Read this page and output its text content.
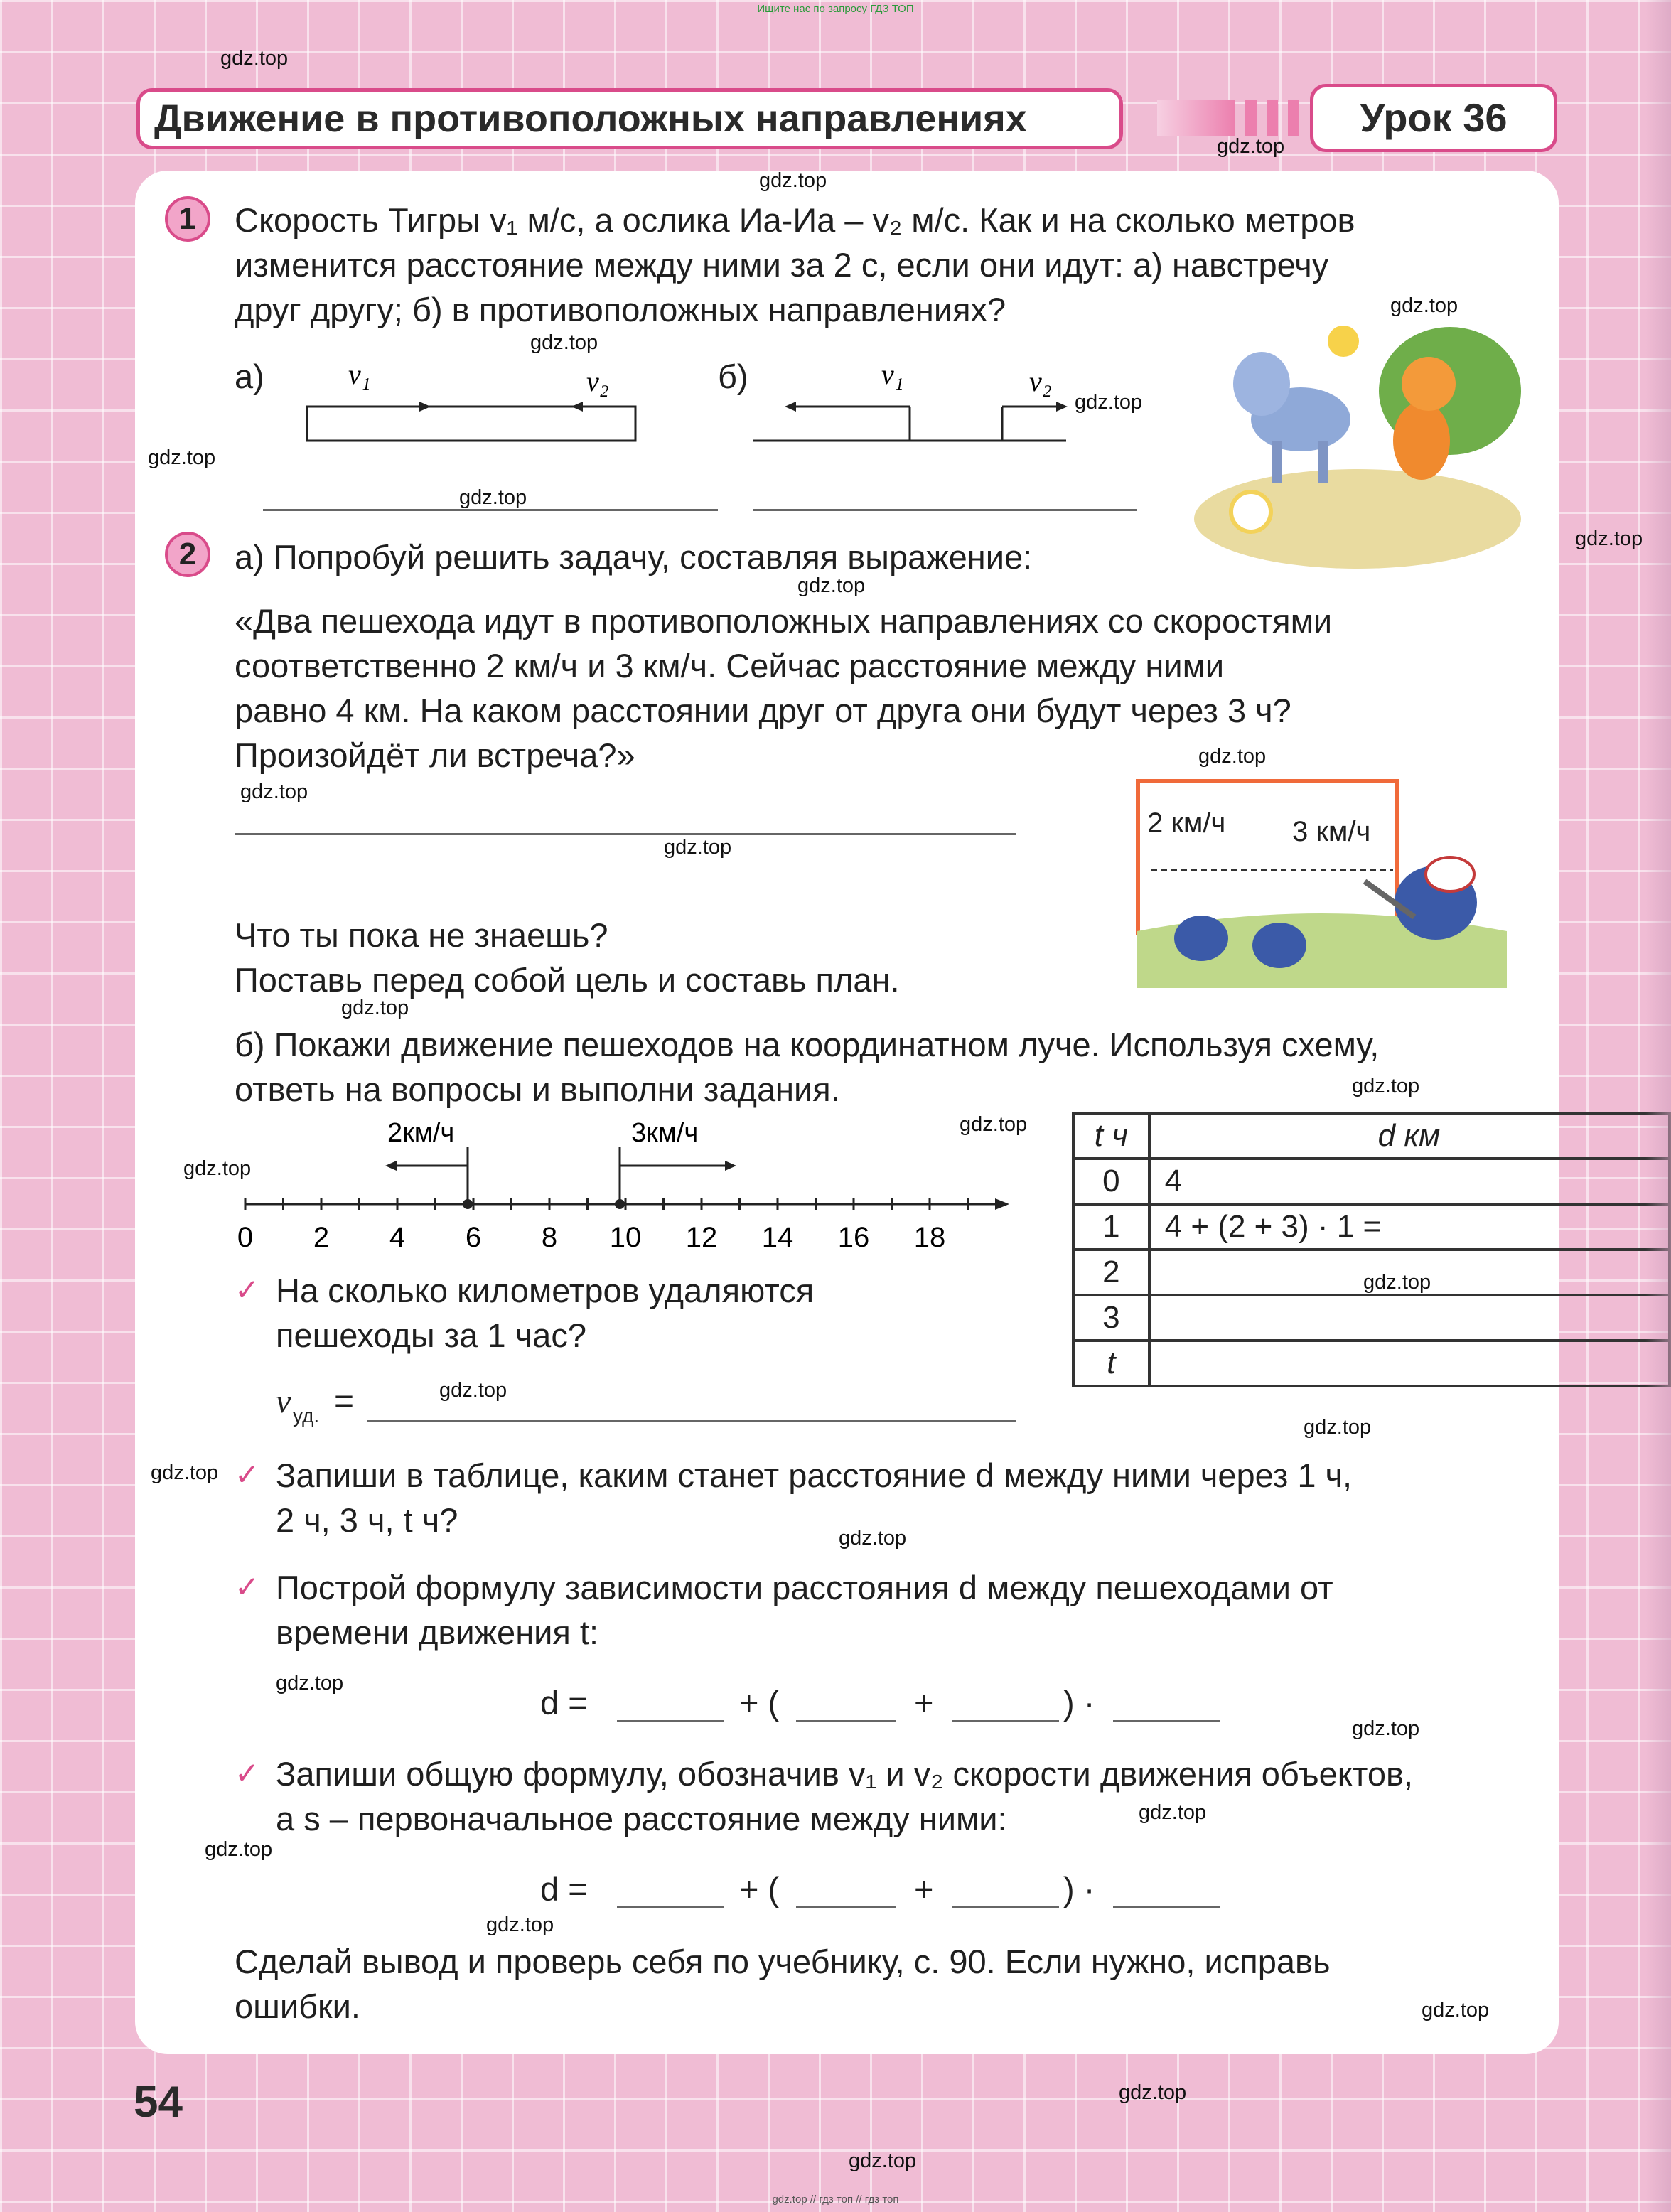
Ищите нас по запросу ГДЗ ТОП
Движение в противоположных направлениях	Урок 36
1	Скорость Тигры v₁ м/с, а ослика Иа-Иа – v₂ м/с. Как и на сколько метров
изменится расстояние между ними за 2 с, если они идут: а) навстречу
друг другу; б) в противоположных направлениях?
а)	б)
v₁	v₂	v₁	v₂
2	а) Попробуй решить задачу, составляя выражение:
«Два пешехода идут в противоположных направлениях со скоростями
соответственно 2 км/ч и 3 км/ч. Сейчас расстояние между ними
равно 4 км. На каком расстоянии друг от друга они будут через 3 ч?
Произойдёт ли встреча?»
2 км/ч 3 км/ч
Что ты пока не знаешь?
Поставь перед собой цель и составь план.
б) Покажи движение пешеходов на координатном луче. Используя схему,
ответь на вопросы и выполни задания.
2км/ч	3км/ч
0 2 4 6 8 10 12 14 16 18
t ч	d км
0	4
1	4 + (2 + 3) · 1 =
2	
3	
t	
✓ На сколько километров удаляются
пешеходы за 1 час?
v уд. =
✓ Запиши в таблице, каким станет расстояние d между ними через 1 ч,
2 ч, 3 ч, t ч?
✓ Построй формулу зависимости расстояния d между пешеходами от
времени движения t:
d =	+ (	+	) ·
✓ Запиши общую формулу, обозначив v₁ и v₂ скорости движения объектов,
а s – первоначальное расстояние между ними:
d =	+ (	+	) ·
Сделай вывод и проверь себя по учебнику, с. 90. Если нужно, исправь
ошибки.
54
gdz.top
gdz.top
gdz.top
gdz.top
gdz.top
gdz.top
gdz.top
gdz.top
gdz.top
gdz.top
gdz.top
gdz.top
gdz.top
gdz.top
gdz.top
gdz.top
gdz.top
gdz.top
gdz.top
gdz.top
gdz.top
gdz.top
gdz.top
gdz.top
gdz.top
gdz.top
gdz.top
gdz.top
gdz.top
gdz.top
gdz.top // гдз топ // гдз топ
